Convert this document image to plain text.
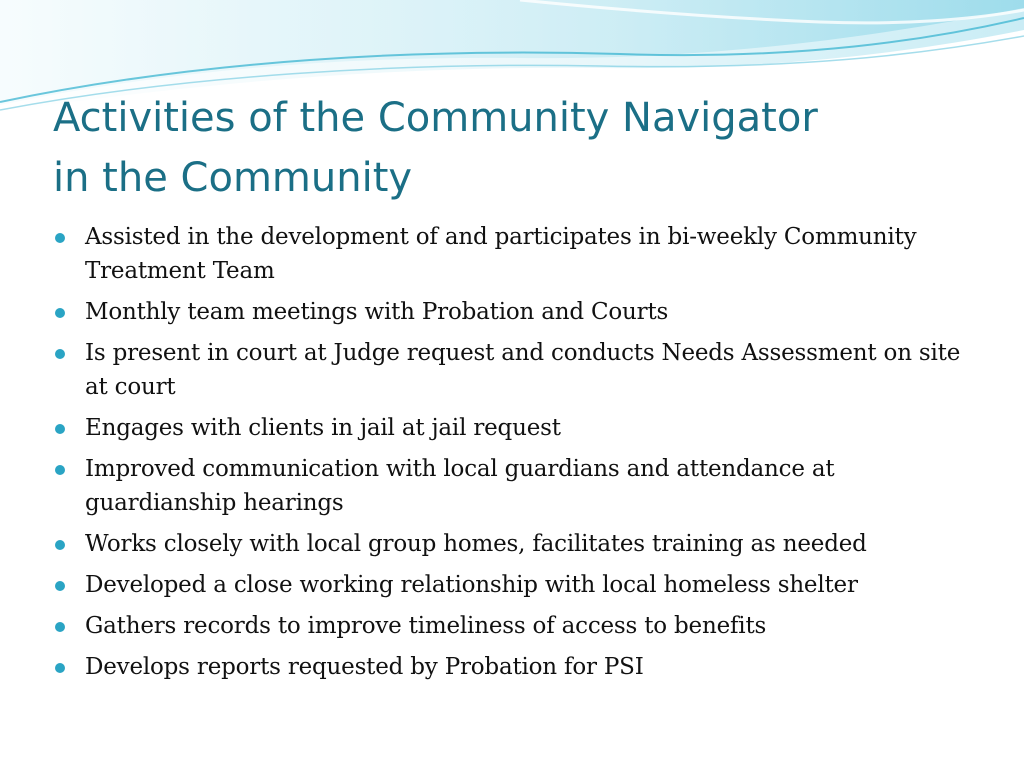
Activities of the Community Navigator
in the Community
Assisted in the development of and participates in bi-weekly Community Treatment Team
Monthly team meetings with Probation and Courts
Is present in court at Judge request and conducts Needs Assessment on site at court
Engages with clients in jail at jail request
Improved communication with local guardians and attendance at guardianship hearings
Works closely with local group homes, facilitates training as needed
Developed a close working relationship with local homeless shelter
Gathers records to improve timeliness of access to benefits
Develops reports requested by Probation for PSI
